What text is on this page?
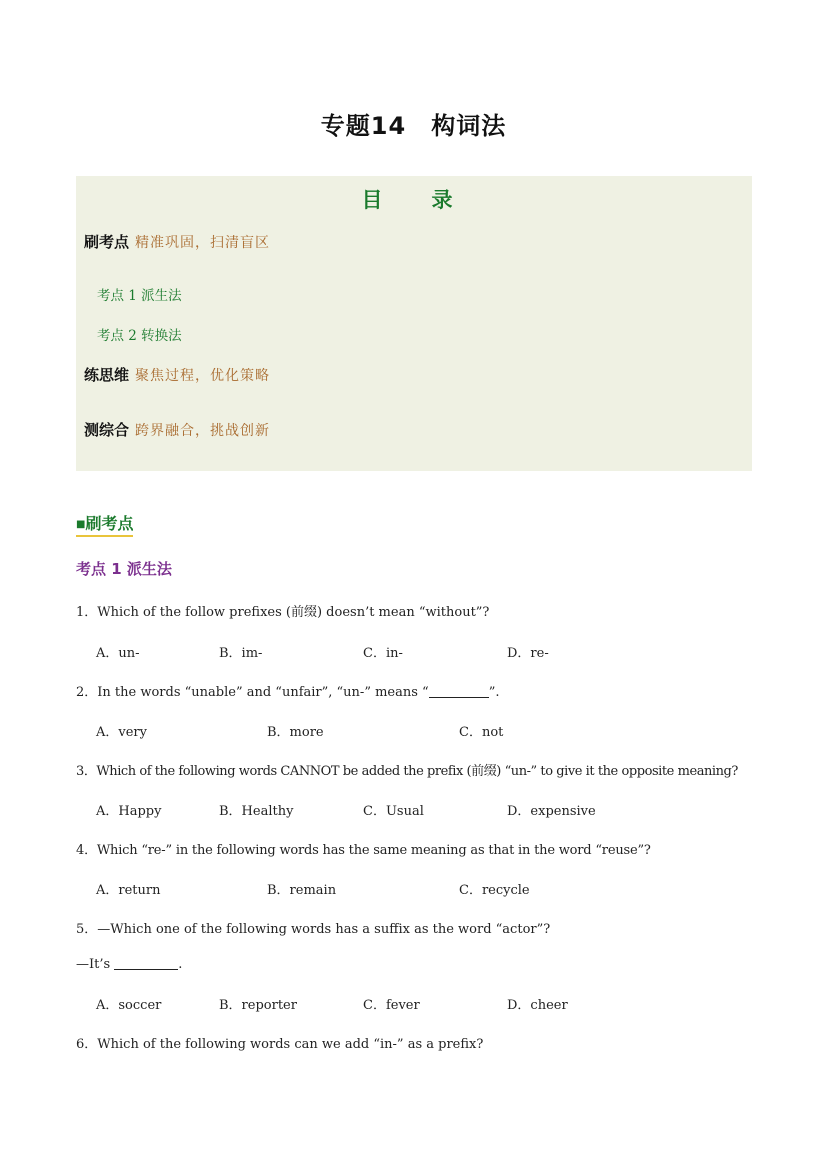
专题14　构词法
目　录
刷考点 精准巩固，扫清盲区
考点 1 派生法
考点 2 转换法
练思维 聚焦过程，优化策略
测综合 跨界融合，挑战创新
■刷考点
考点 1 派生法
1．Which of the follow prefixes (前缀) doesn’t mean “without”?
A．un-	B．im-	C．in-	D．re-
2．In the words “unable” and “unfair”, “un-” means “	”.
A．very	B．more	C．not
3．Which of the following words CANNOT be added the prefix (前缀) “un-” to give it the opposite meaning?
A．Happy	B．Healthy	C．Usual	D．expensive
4．Which “re-” in the following words has the same meaning as that in the word “reuse”?
A．return	B．remain	C．recycle
5．—Which one of the following words has a suffix as the word “actor”?
—It’s	.
A．soccer	B．reporter	C．fever	D．cheer
6．Which of the following words can we add “in-” as a prefix?
